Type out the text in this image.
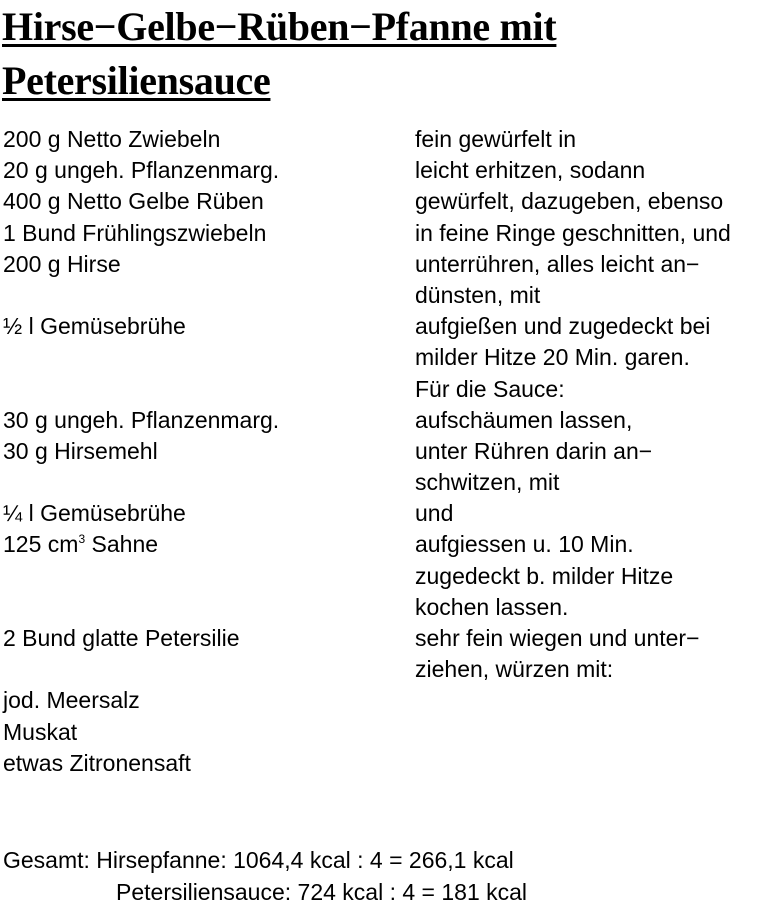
Hirse−Gelbe−Rüben−Pfanne mit
Petersiliensauce
200 g Netto Zwiebeln	fein gewürfelt in
20 g ungeh. Pflanzenmarg.	leicht erhitzen, sodann
400 g Netto Gelbe Rüben	gewürfelt, dazugeben, ebenso
1 Bund Frühlingszwiebeln	in feine Ringe geschnitten, und
200 g Hirse	unterrühren, alles leicht an−
dünsten, mit
½ l Gemüsebrühe	aufgießen und zugedeckt bei
milder Hitze 20 Min. garen.
Für die Sauce:
30 g ungeh. Pflanzenmarg.	aufschäumen lassen,
30 g Hirsemehl	unter Rühren darin an−
schwitzen, mit
¼ l Gemüsebrühe	und
125 $cm^3$ Sahne	aufgiessen u. 10 Min.
zugedeckt b. milder Hitze
kochen lassen.
2 Bund glatte Petersilie	sehr fein wiegen und unter−
ziehen, würzen mit:
jod. Meersalz
Muskat
etwas Zitronensaft
Gesamt: Hirsepfanne: 1064,4 kcal : 4 = 266,1 kcal
Petersiliensauce: 724 kcal : 4 = 181 kcal
